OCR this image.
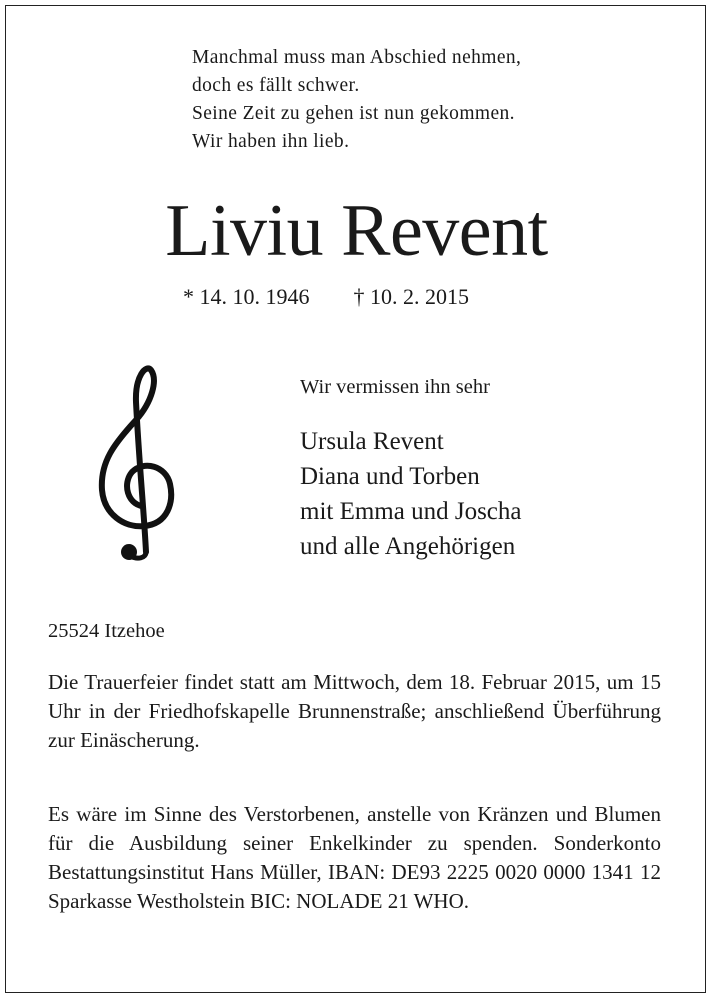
Manchmal muss man Abschied nehmen,
doch es fällt schwer.
Seine Zeit zu gehen ist nun gekommen.
Wir haben ihn lieb.
Liviu Revent
* 14. 10. 1946 † 10. 2. 2015
Wir vermissen ihn sehr
Ursula Revent
Diana und Torben
mit Emma und Joscha
und alle Angehörigen
25524 Itzehoe
Die Trauerfeier findet statt am Mittwoch, dem 18. Februar 2015, um 15 Uhr in der Friedhofskapelle Brunnenstraße; anschließend Überführung zur Einäscherung.
Es wäre im Sinne des Verstorbenen, anstelle von Kränzen und Blumen für die Ausbildung seiner Enkelkinder zu spenden. Sonderkonto Bestattungsinstitut Hans Müller, IBAN: DE93 2225 0020 0000 1341 12 Sparkasse Westholstein BIC: NOLADE 21 WHO.
